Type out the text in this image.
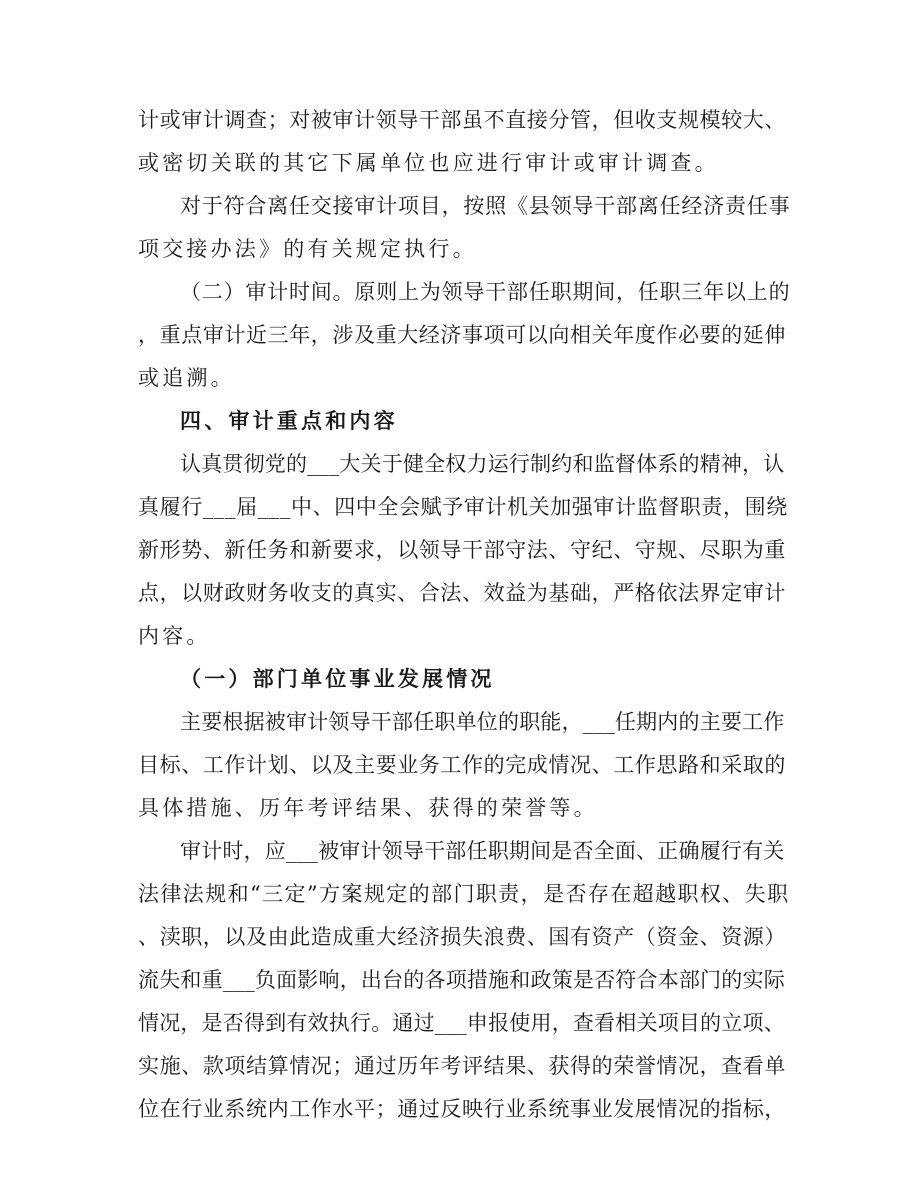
计或审计调查；对被审计领导干部虽不直接分管，但收支规模较大、
或密切关联的其它下属单位也应进行审计或审计调查。
对于符合离任交接审计项目，按照《县领导干部离任经济责任事
项交接办法》的有关规定执行。
（二）审计时间。原则上为领导干部任职期间，任职三年以上的
，重点审计近三年，涉及重大经济事项可以向相关年度作必要的延伸
或追溯。
四、审计重点和内容
认真贯彻党的___大关于健全权力运行制约和监督体系的精神，认
真履行___届___中、四中全会赋予审计机关加强审计监督职责，围绕
新形势、新任务和新要求，以领导干部守法、守纪、守规、尽职为重
点，以财政财务收支的真实、合法、效益为基础，严格依法界定审计
内容。
（一）部门单位事业发展情况
主要根据被审计领导干部任职单位的职能，___任期内的主要工作
目标、工作计划、以及主要业务工作的完成情况、工作思路和采取的
具体措施、历年考评结果、获得的荣誉等。
审计时，应___被审计领导干部任职期间是否全面、正确履行有关
法律法规和“三定”方案规定的部门职责，是否存在超越职权、失职
、渎职，以及由此造成重大经济损失浪费、国有资产（资金、资源）
流失和重___负面影响，出台的各项措施和政策是否符合本部门的实际
情况，是否得到有效执行。通过___申报使用，查看相关项目的立项、
实施、款项结算情况；通过历年考评结果、获得的荣誉情况，查看单
位在行业系统内工作水平；通过反映行业系统事业发展情况的指标，
